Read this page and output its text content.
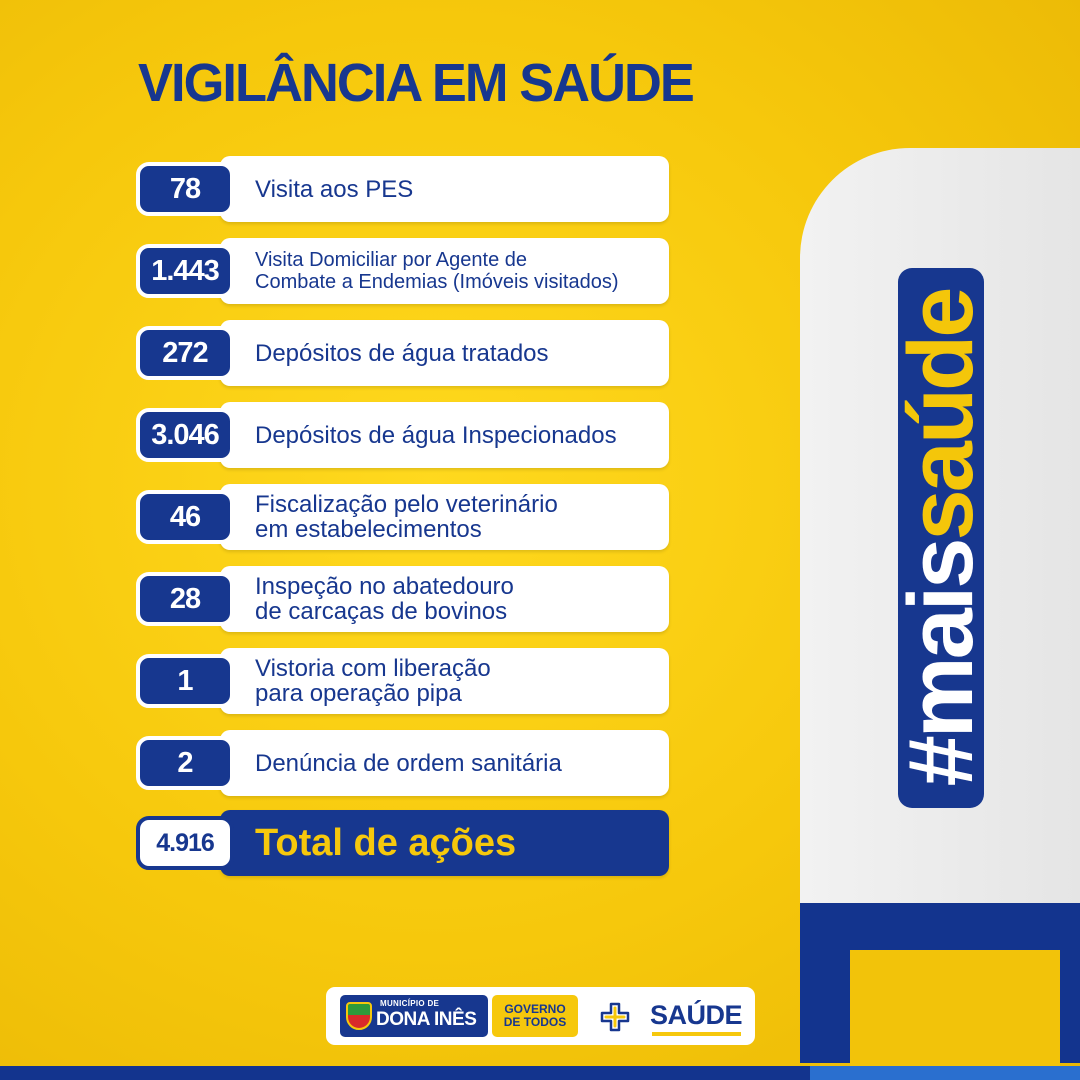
#maissaúde
VIGILÂNCIA EM SAÚDE
78	Visita aos PES
1.443	Visita Domiciliar por Agente de
Combate a Endemias (Imóveis visitados)
272	Depósitos de água tratados
3.046	Depósitos de água Inspecionados
46	Fiscalização pelo veterinário
em estabelecimentos
28	Inspeção no abatedouro
de carcaças de bovinos
1	Vistoria com liberação
para operação pipa
2	Denúncia de ordem sanitária
4.916	Total de ações
MUNICÍPIO DE
DONA INÊS	GOVERNO
DE TODOS	SAÚDE
